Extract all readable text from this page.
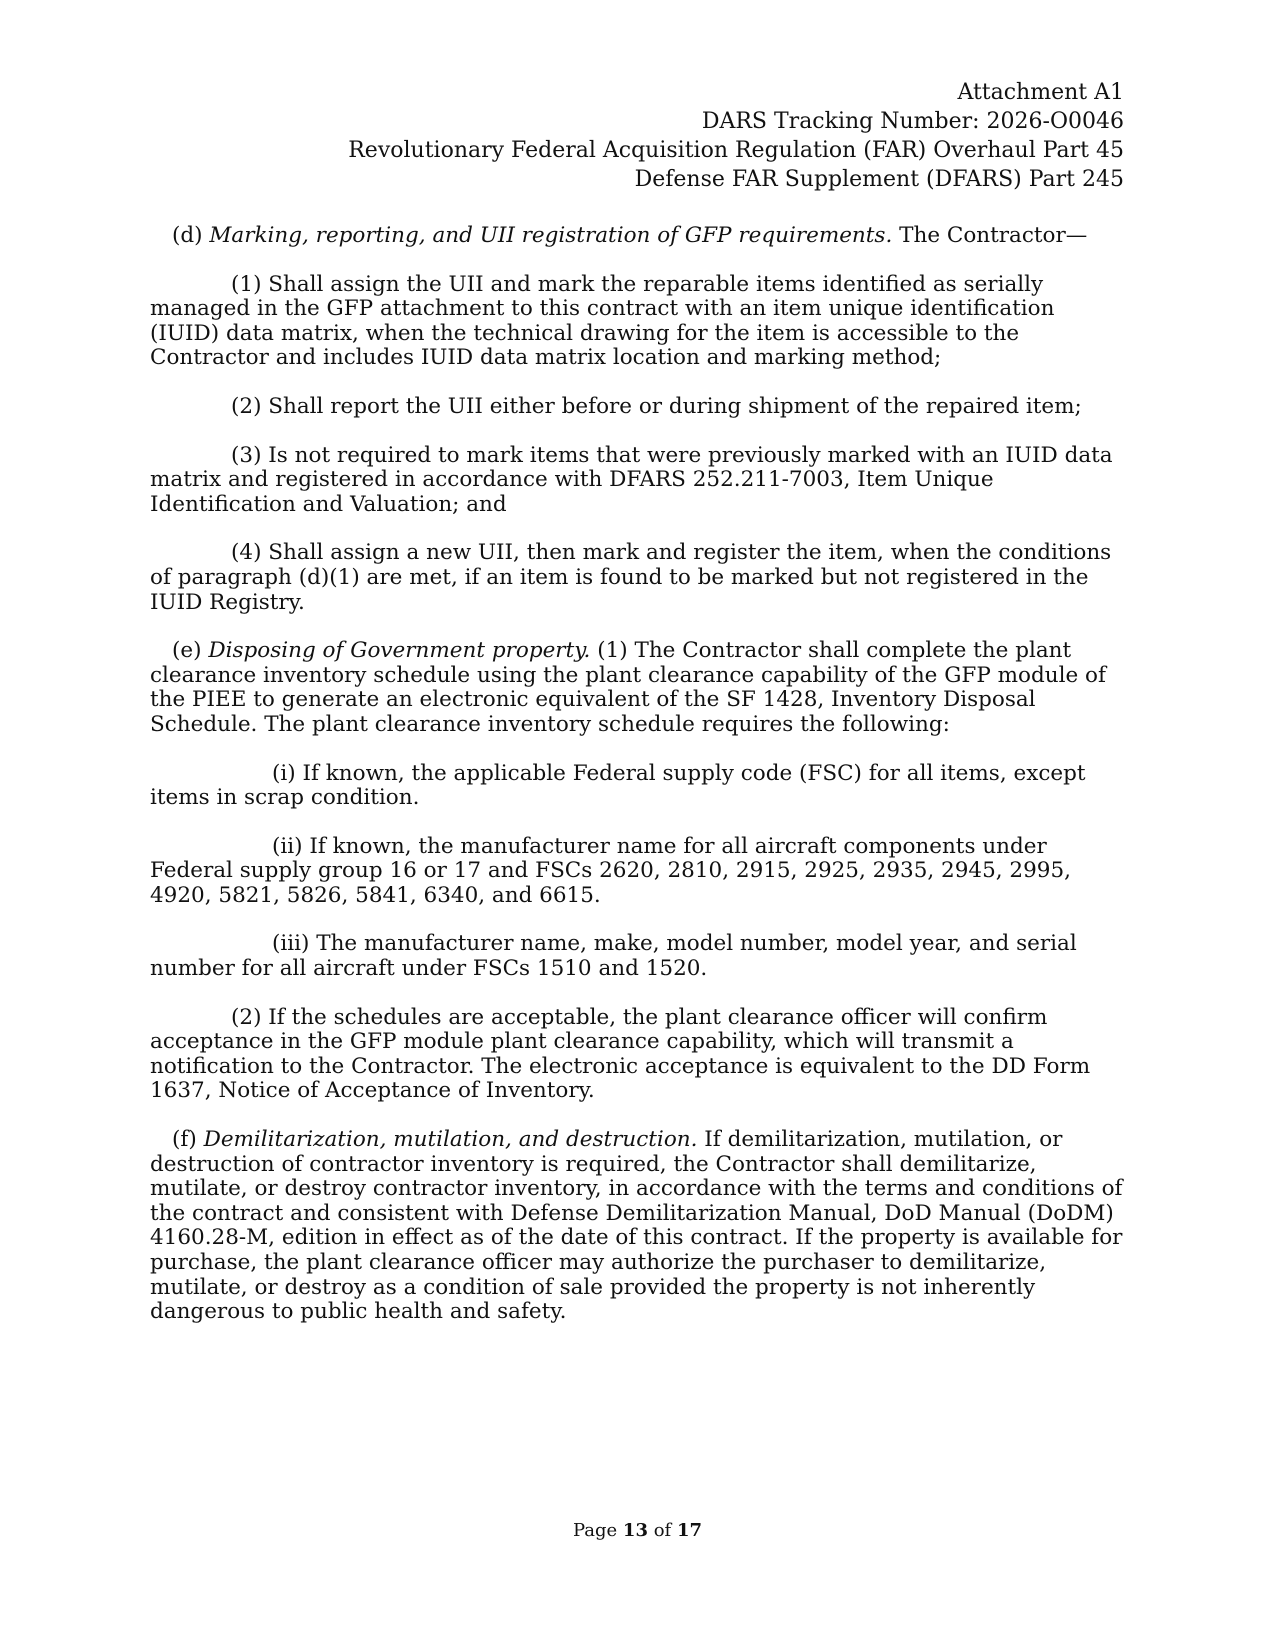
Attachment A1
DARS Tracking Number: 2026-O0046
Revolutionary Federal Acquisition Regulation (FAR) Overhaul Part 45
Defense FAR Supplement (DFARS) Part 245

(d) Marking, reporting, and UII registration of GFP requirements. The Contractor—

(1) Shall assign the UII and mark the reparable items identified as serially managed in the GFP attachment to this contract with an item unique identification (IUID) data matrix, when the technical drawing for the item is accessible to the Contractor and includes IUID data matrix location and marking method;

(2) Shall report the UII either before or during shipment of the repaired item;

(3) Is not required to mark items that were previously marked with an IUID data matrix and registered in accordance with DFARS 252.211-7003, Item Unique Identification and Valuation; and

(4) Shall assign a new UII, then mark and register the item, when the conditions of paragraph (d)(1) are met, if an item is found to be marked but not registered in the IUID Registry.

(e) Disposing of Government property. (1) The Contractor shall complete the plant clearance inventory schedule using the plant clearance capability of the GFP module of the PIEE to generate an electronic equivalent of the SF 1428, Inventory Disposal Schedule. The plant clearance inventory schedule requires the following:

(i) If known, the applicable Federal supply code (FSC) for all items, except items in scrap condition.

(ii) If known, the manufacturer name for all aircraft components under Federal supply group 16 or 17 and FSCs 2620, 2810, 2915, 2925, 2935, 2945, 2995, 4920, 5821, 5826, 5841, 6340, and 6615.

(iii) The manufacturer name, make, model number, model year, and serial number for all aircraft under FSCs 1510 and 1520.

(2) If the schedules are acceptable, the plant clearance officer will confirm acceptance in the GFP module plant clearance capability, which will transmit a notification to the Contractor. The electronic acceptance is equivalent to the DD Form 1637, Notice of Acceptance of Inventory.

(f) Demilitarization, mutilation, and destruction. If demilitarization, mutilation, or destruction of contractor inventory is required, the Contractor shall demilitarize, mutilate, or destroy contractor inventory, in accordance with the terms and conditions of the contract and consistent with Defense Demilitarization Manual, DoD Manual (DoDM) 4160.28-M, edition in effect as of the date of this contract. If the property is available for purchase, the plant clearance officer may authorize the purchaser to demilitarize, mutilate, or destroy as a condition of sale provided the property is not inherently dangerous to public health and safety.

Page 13 of 17
